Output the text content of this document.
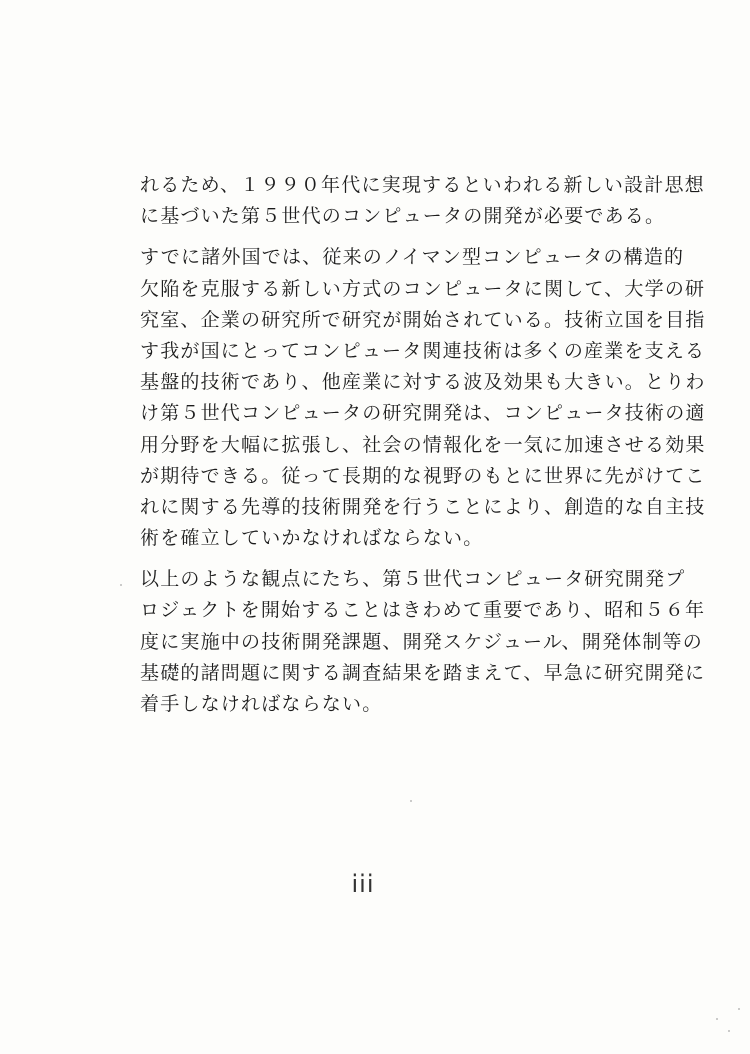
れるため、１９９０年代に実現するといわれる新しい設計思想
に基づいた第５世代のコンピュータの開発が必要である。
すでに諸外国では、従来のノイマン型コンピュータの構造的
欠陥を克服する新しい方式のコンピュータに関して、大学の研
究室、企業の研究所で研究が開始されている。技術立国を目指
す我が国にとってコンピュータ関連技術は多くの産業を支える
基盤的技術であり、他産業に対する波及効果も大きい。とりわ
け第５世代コンピュータの研究開発は、コンピュータ技術の適
用分野を大幅に拡張し、社会の情報化を一気に加速させる効果
が期待できる。従って長期的な視野のもとに世界に先がけてこ
れに関する先導的技術開発を行うことにより、創造的な自主技
術を確立していかなければならない。
以上のような観点にたち、第５世代コンピュータ研究開発プ
ロジェクトを開始することはきわめて重要であり、昭和５６年
度に実施中の技術開発課題、開発スケジュール、開発体制等の
基礎的諸問題に関する調査結果を踏まえて、早急に研究開発に
着手しなければならない。
iii
